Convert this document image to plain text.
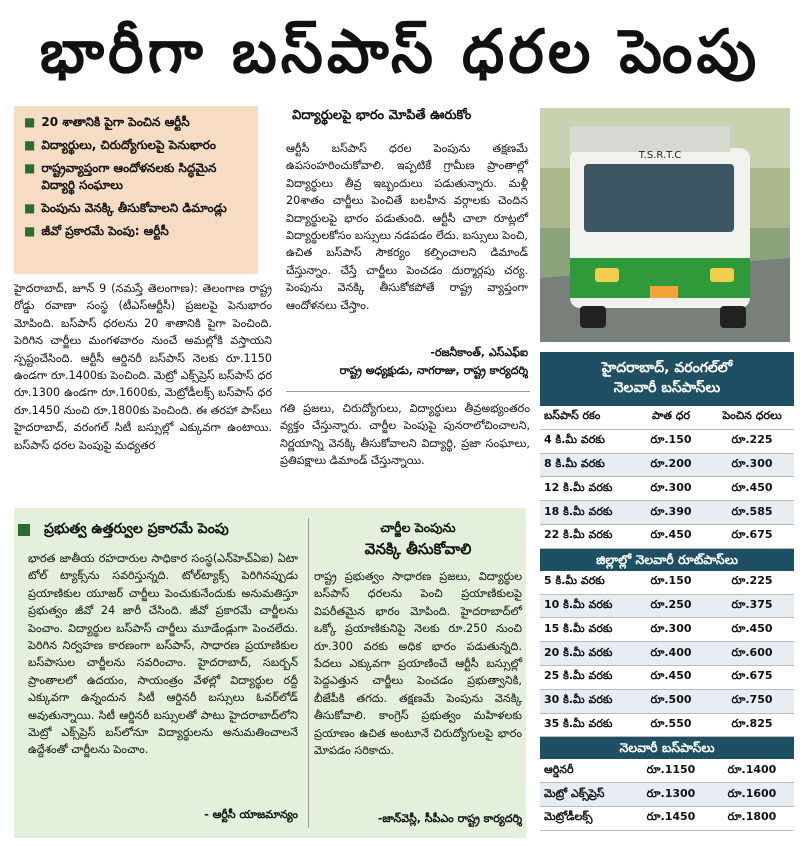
భారీగా బస్‌పాస్ ధరల పెంపు
■ 20 శాతానికి పైగా పెంచిన ఆర్టీసీ
■ విద్యార్థులు, చిరుద్యోగులపై పెనుభారం
■ రాష్ట్రవ్యాప్తంగా ఆందోళనలకు సిద్ధమైన విద్యార్థి సంఘాలు
■ పెంపును వెనక్కి తీసుకోవాలని డిమాండ్లు
■ జీవో ప్రకారమే పెంపు: ఆర్టీసీ

హైదరాబాద్, జూన్ 9 (నమస్తే తెలంగాణ): తెలంగాణ రాష్ట్ర రోడ్డు రవాణా సంస్థ (టీఎస్ఆర్టీసీ) ప్రజలపై పెనుభారం మోపింది. బస్‌పాస్ ధరలను 20 శాతానికి పైగా పెంచింది. పెరిగిన చార్జీలు మంగళవారం నుంచే అమల్లోకి వస్తాయని స్పష్టంచేసింది. ఆర్టీసీ ఆర్డినరీ బస్‌పాస్ నెలకు రూ.1150 ఉండగా రూ.1400కు పెంచింది. మెట్రో ఎక్స్‌ప్రెస్ బస్‌పాస్ ధర రూ.1300 ఉండగా రూ.1600కు, మెట్రోడీలక్స్ బస్‌పాస్ ధర రూ.1450 నుంచి రూ.1800కు పెంచింది. ఈ తరహా పాస్‌లు హైదరాబాద్, వరంగల్ సిటీ బస్సుల్లో ఎక్కువగా ఉంటాయి. బస్‌పాస్ ధరల పెంపుపై మధ్యతర

విద్యార్థులపై భారం మోపితే ఊరుకోం

ఆర్టీసీ బస్‌పాస్ ధరల పెంపును తక్షణమే ఉపసంహరించుకోవాలి. ఇప్పటికే గ్రామీణ ప్రాంతాల్లో విద్యార్థులు తీవ్ర ఇబ్బందులు పడుతున్నారు. మళ్లీ 20శాతం చార్జీలు పెంచితే బలహీన వర్గాలకు చెందిన విద్యార్థులపై భారం పడుతుంది. ఆర్టీసీ చాలా రూట్లలో విద్యార్థులకోసం బస్సులు నడపడం లేదు. బస్సులు పెంచి, ఉచిత బస్‌పాస్ సౌకర్యం కల్పించాలని డిమాండ్ చేస్తున్నాం. చేస్తే చార్జీలు పెంచడం దుర్మార్గపు చర్య. పెంపును వెనక్కి తీసుకోకపోతే రాష్ట్ర వ్యాప్తంగా ఆందోళనలు చేస్తాం.

-రజనీకాంత్, ఎస్ఎఫ్ఐ
రాష్ట్ర అధ్యక్షుడు, నాగరాజు, రాష్ట్ర కార్యదర్శి

గతి ప్రజలు, చిరుద్యోగులు, విద్యార్థులు తీవ్రఅభ్యంతరం వ్యక్తం చేస్తున్నారు. చార్జీల పెంపుపై పునరాలోచించాలని, నిర్ణయాన్ని వెనక్కి తీసుకోవాలని విద్యార్థి, ప్రజా సంఘాలు, ప్రతిపక్షాలు డిమాండ్ చేస్తున్నాయి.

T.S.R.T.C
ప్రభుత్వ ఉత్తర్వుల ప్రకారమే పెంపు

భారత జాతీయ రహదారుల సాధికార సంస్థ(ఎన్‌హెచ్ఏఐ) ఏటా టోల్ ట్యాక్స్‌ను సవరిస్తున్నది. టోల్‌ట్యాక్స్ పెరిగినప్పుడు ప్రయాణికుల యూజర్ చార్జీలు పెంచుకునేందుకు అనుమతిస్తూ ప్రభుత్వం జీవో 24 జారీ చేసింది. జీవో ప్రకారమే చార్జీలను పెంచాం. విద్యార్థుల బస్‌పాస్ చార్జీలు మూడేండ్లుగా పెంచలేదు. పెరిగిన నిర్వహణ కారణంగా బస్‌పాస్, సాధారణ ప్రయాణికుల బస్‌పాసుల చార్జీలను సవరించాం. హైదరాబాద్, సబర్బన్ ప్రాంతాలలో ఉదయం, సాయంత్రం వేళల్లో విద్యార్థుల రద్దీ ఎక్కువగా ఉన్నందున సిటీ ఆర్డినరీ బస్సులు ఓవర్‌లోడ్ అవుతున్నాయి. సిటీ ఆర్డినరీ బస్సులతో పాటు హైదరాబాద్‌లోని మెట్రో ఎక్స్‌ప్రెస్ బస్‌లోనూ విద్యార్థులను అనుమతించాలనే ఉద్దేశంతో చార్జీలను పెంచాం.

- ఆర్టీసీ యాజమాన్యం
చార్జీల పెంపును
వెనక్కి తీసుకోవాలి

రాష్ట్ర ప్రభుత్వం సాధారణ ప్రజలు, విద్యార్థుల బస్‌పాస్ ధరలను పెంచి ప్రయాణికులపై విపరీతమైన భారం మోపింది. హైదరాబాద్‌లో ఒక్కో ప్రయాణికునిపై నెలకు రూ.250 నుంచి రూ.300 వరకు అధిక భారం పడుతున్నది. పేదలు ఎక్కువగా ప్రయాణించే ఆర్టీసీ బస్సుల్లో పెద్దఎత్తున చార్జీలు పెంచడం ప్రభుత్వానికి, బీజేపీకి తగదు. తక్షణమే పెంపును వెనక్కి తీసుకోవాలి. కాంగ్రెస్ ప్రభుత్వం మహిళలకు ప్రయాణం ఉచిత అంటూనే చిరుద్యోగులపై భారం మోపడం సరికాదు.

-జాన్‌వెస్లీ, సీపీఎం రాష్ట్ర కార్యదర్శి
హైదరాబాద్, వరంగల్‌లో
నెలవారీ బస్‌పాస్‌లు
బస్‌పాస్ రకం	పాత ధర	పెంచిన ధరలు
4 కి.మీ వరకు	రూ.150	రూ.225
8 కి.మీ వరకు	రూ.200	రూ.300
12 కి.మీ వరకు	రూ.300	రూ.450
18 కి.మీ వరకు	రూ.390	రూ.585
22 కి.మీ వరకు	రూ.450	రూ.675
జిల్లాల్లో నెలవారీ రూట్‌పాస్‌లు
5 కి.మీ వరకు	రూ.150	రూ.225
10 కి.మీ వరకు	రూ.250	రూ.375
15 కి.మీ వరకు	రూ.300	రూ.450
20 కి.మీ వరకు	రూ.400	రూ.600
25 కి.మీ వరకు	రూ.450	రూ.675
30 కి.మీ వరకు	రూ.500	రూ.750
35 కి.మీ వరకు	రూ.550	రూ.825
నెలవారీ బస్‌పాస్‌లు
ఆర్డినరీ	రూ.1150	రూ.1400
మెట్రో ఎక్స్‌ప్రెస్	రూ.1300	రూ.1600
మెట్రోడీలక్స్	రూ.1450	రూ.1800
